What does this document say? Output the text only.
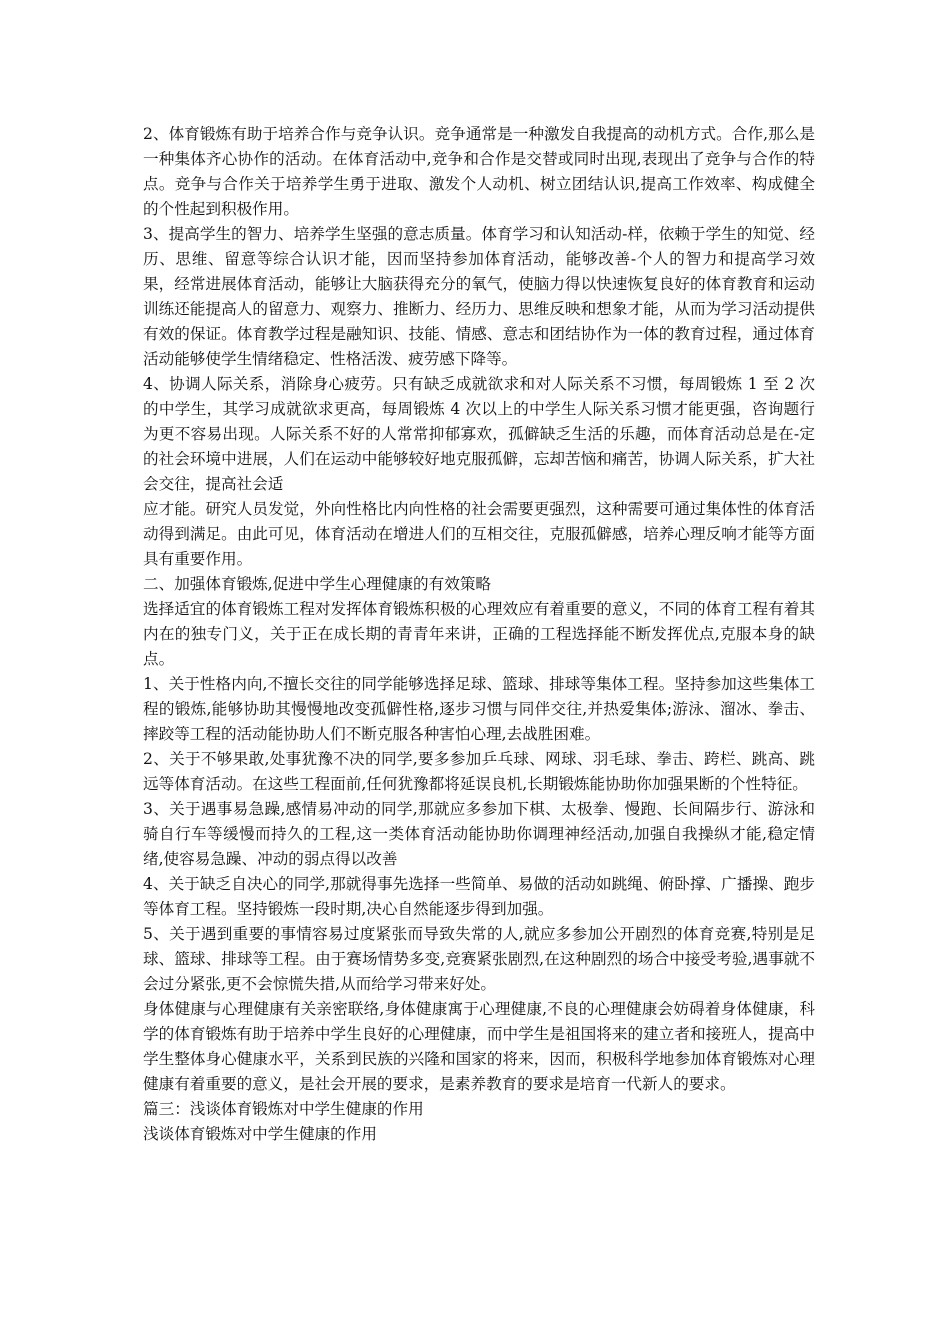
2、体育锻炼有助于培养合作与竞争认识。竞争通常是一种激发自我提高的动机方式。合作,那么是一种集体齐心协作的活动。在体育活动中,竞争和合作是交替或同时出现,表现出了竞争与合作的特点。竞争与合作关于培养学生勇于进取、激发个人动机、树立团结认识,提高工作效率、构成健全的个性起到积极作用。

3、提高学生的智力、培养学生坚强的意志质量。体育学习和认知活动-样，依赖于学生的知觉、经历、思维、留意等综合认识才能，因而坚持参加体育活动，能够改善-个人的智力和提高学习效果，经常进展体育活动，能够让大脑获得充分的氧气，使脑力得以快速恢复良好的体育教育和运动训练还能提高人的留意力、观察力、推断力、经历力、思维反映和想象才能，从而为学习活动提供有效的保证。体育教学过程是融知识、技能、情感、意志和团结协作为一体的教育过程，通过体育活动能够使学生情绪稳定、性格活泼、疲劳感下降等。

4、协调人际关系，消除身心疲劳。只有缺乏成就欲求和对人际关系不习惯，每周锻炼 1 至 2 次的中学生，其学习成就欲求更高，每周锻炼 4 次以上的中学生人际关系习惯才能更强，咨询题行为更不容易出现。人际关系不好的人常常抑郁寡欢，孤僻缺乏生活的乐趣，而体育活动总是在-定的社会环境中进展，人们在运动中能够较好地克服孤僻，忘却苦恼和痛苦，协调人际关系，扩大社会交往，提高社会适

应才能。研究人员发觉，外向性格比内向性格的社会需要更强烈，这种需要可通过集体性的体育活动得到满足。由此可见，体育活动在增进人们的互相交往，克服孤僻感，培养心理反响才能等方面具有重要作用。

二、加强体育锻炼,促进中学生心理健康的有效策略

选择适宜的体育锻炼工程对发挥体育锻炼积极的心理效应有着重要的意义，不同的体育工程有着其内在的独专门义，关于正在成长期的青青年来讲，正确的工程选择能不断发挥优点,克服本身的缺点。

1、关于性格内向,不擅长交往的同学能够选择足球、篮球、排球等集体工程。坚持参加这些集体工程的锻炼,能够协助其慢慢地改变孤僻性格,逐步习惯与同伴交往,并热爱集体;游泳、溜冰、拳击、摔跤等工程的活动能协助人们不断克服各种害怕心理,去战胜困难。

2、关于不够果敢,处事犹豫不决的同学,要多参加乒乓球、网球、羽毛球、拳击、跨栏、跳高、跳远等体育活动。在这些工程面前,任何犹豫都将延误良机,长期锻炼能协助你加强果断的个性特征。

3、关于遇事易急躁,感情易冲动的同学,那就应多参加下棋、太极拳、慢跑、长间隔步行、游泳和骑自行车等缓慢而持久的工程,这一类体育活动能协助你调理神经活动,加强自我操纵才能,稳定情绪,使容易急躁、冲动的弱点得以改善

4、关于缺乏自决心的同学,那就得事先选择一些简单、易做的活动如跳绳、俯卧撑、广播操、跑步等体育工程。坚持锻炼一段时期,决心自然能逐步得到加强。

5、关于遇到重要的事情容易过度紧张而导致失常的人,就应多参加公开剧烈的体育竞赛,特别是足球、篮球、排球等工程。由于赛场情势多变,竞赛紧张剧烈,在这种剧烈的场合中接受考验,遇事就不会过分紧张,更不会惊慌失措,从而给学习带来好处。

身体健康与心理健康有关亲密联络,身体健康寓于心理健康,不良的心理健康会妨碍着身体健康，科学的体育锻炼有助于培养中学生良好的心理健康，而中学生是祖国将来的建立者和接班人，提高中学生整体身心健康水平，关系到民族的兴隆和国家的将来，因而，积极科学地参加体育锻炼对心理健康有着重要的意义，是社会开展的要求，是素养教育的要求是培育一代新人的要求。

篇三：浅谈体育锻炼对中学生健康的作用

浅谈体育锻炼对中学生健康的作用
